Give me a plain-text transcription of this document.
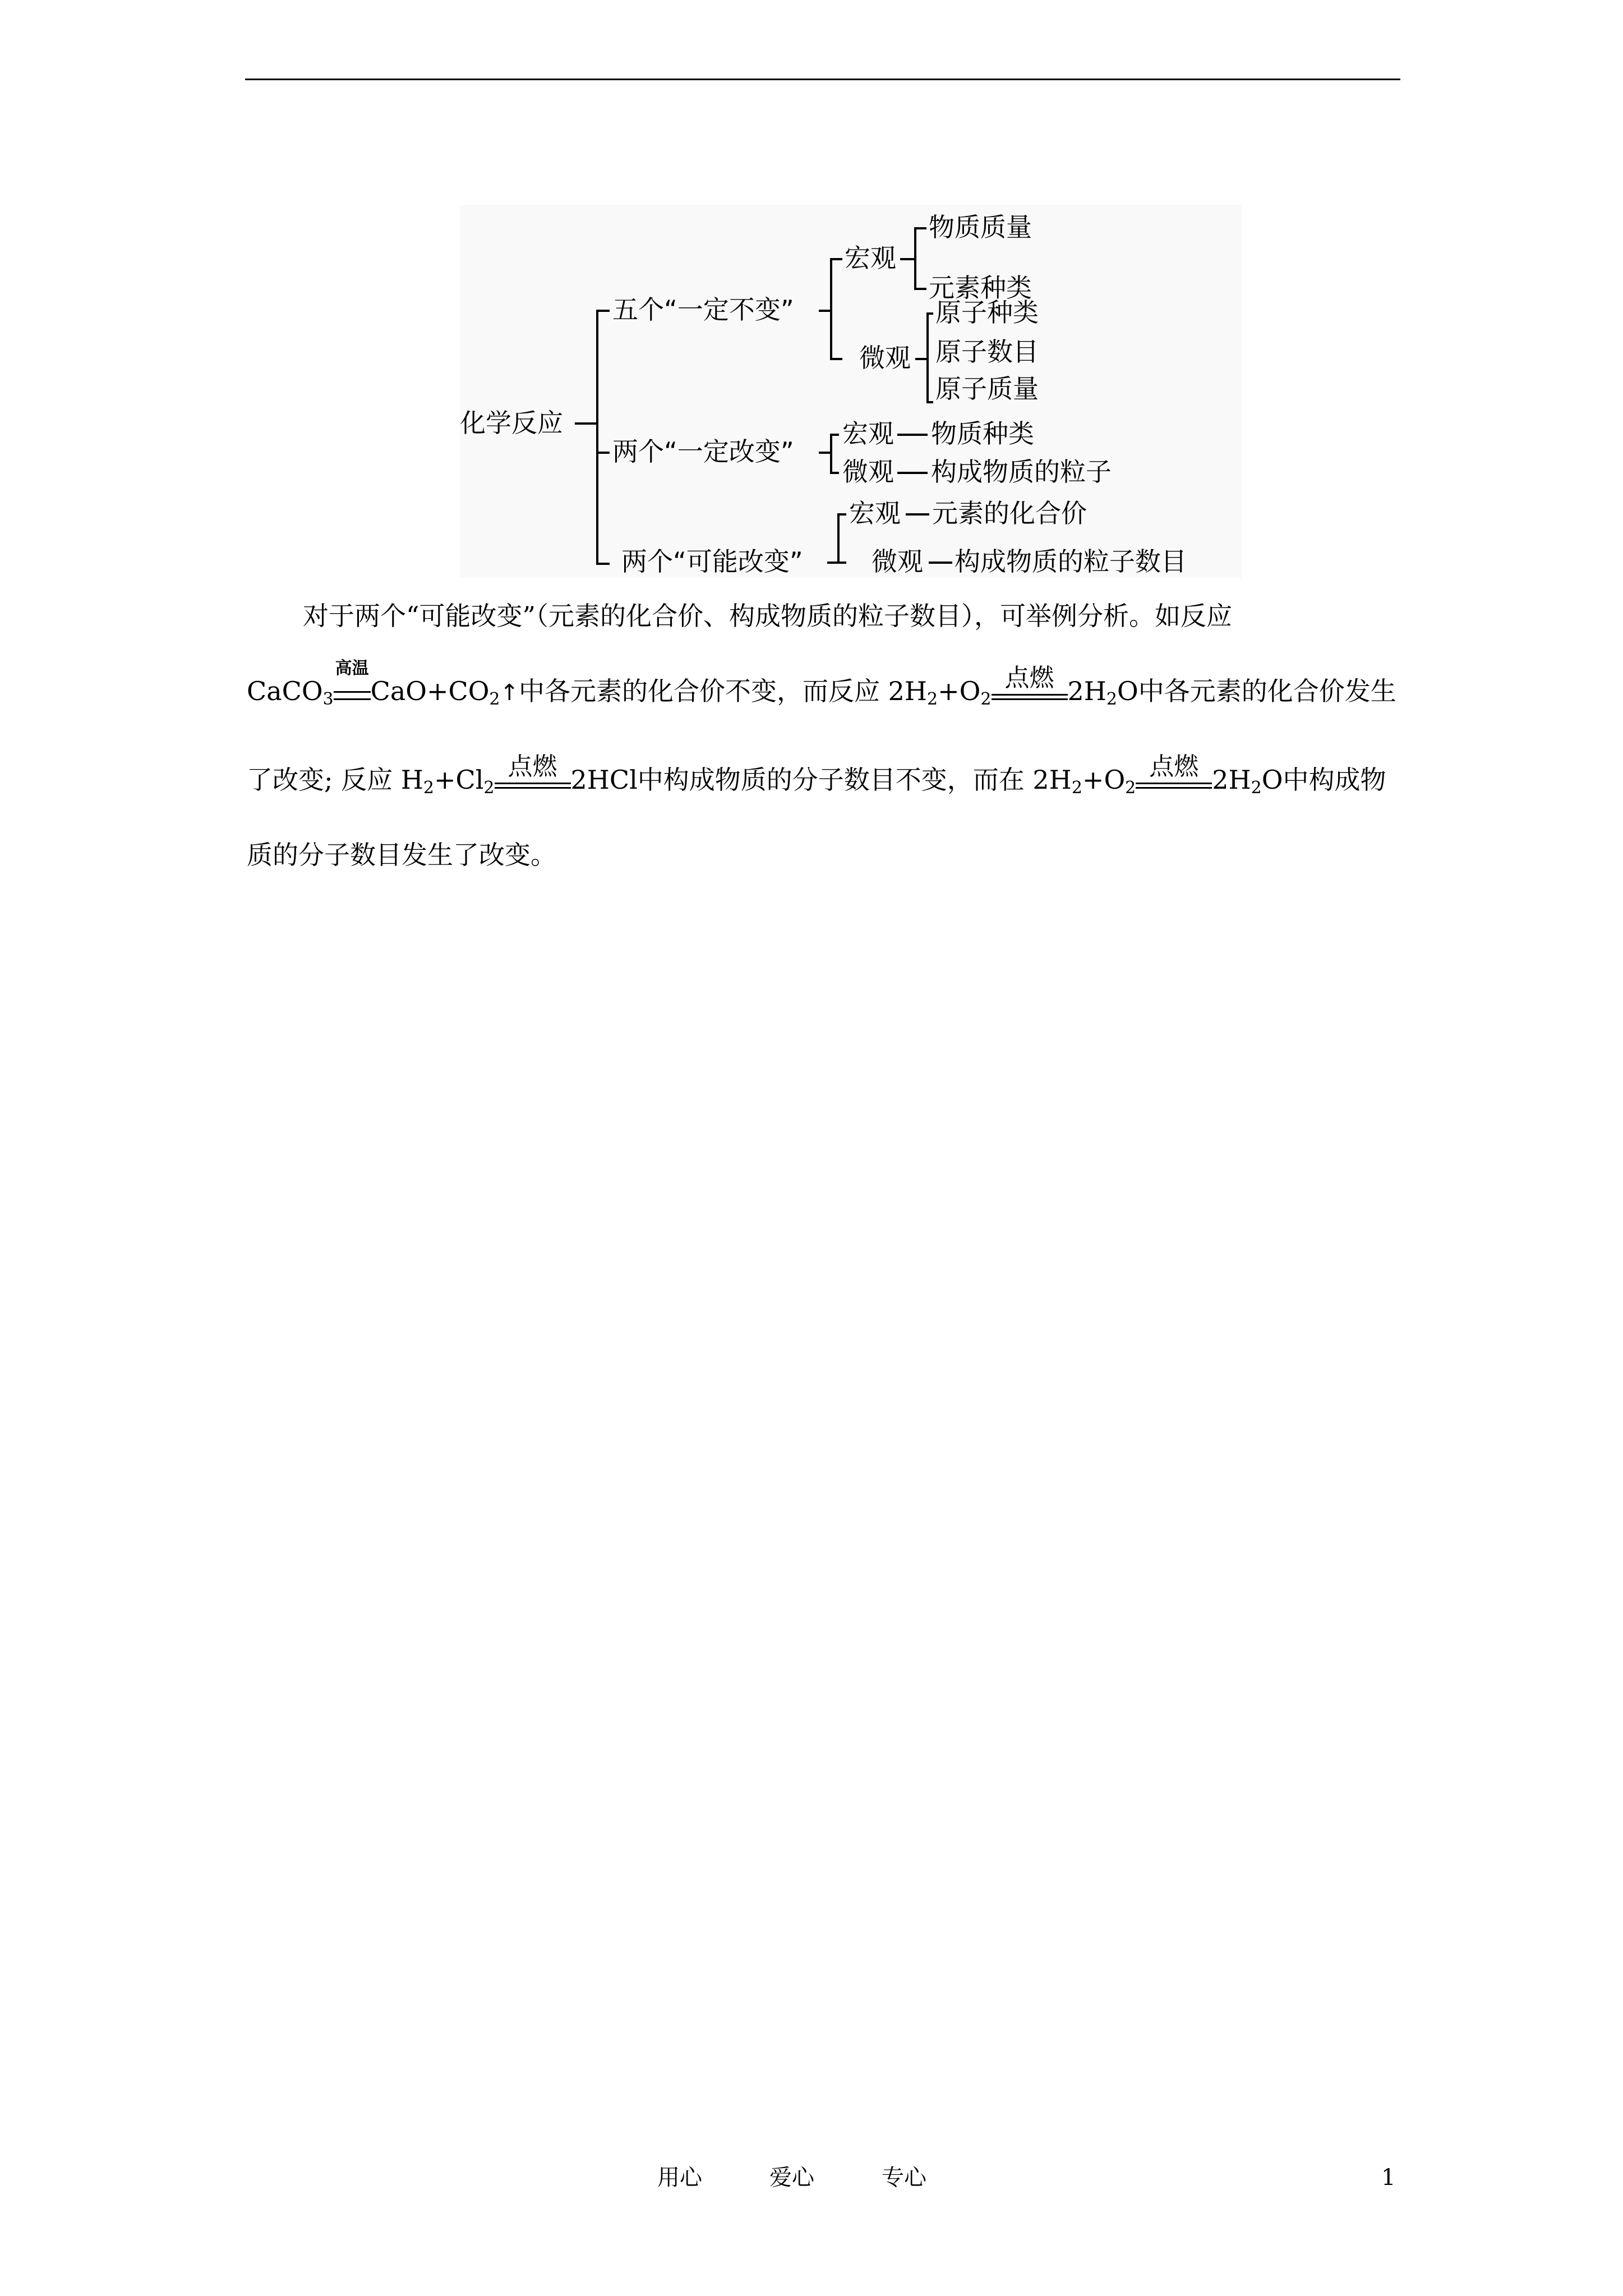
化学反应
五个“一定不变”
宏观
物质质量
元素种类
微观
原子种类
原子数目
原子质量
两个“一定改变”
宏观 物质种类
微观 构成物质的粒子
两个“可能改变”
宏观 元素的化合价
微观 构成物质的粒子数目
对于两个“可能改变”（元素的化合价、构成物质的粒子数目），可举例分析。如反应
CaCO$_3$
高温
$CaO+CO_2↑$中各元素的化合价不变，而反应 $2H_2+O_2$
点燃 $2H_2O$中各元素的化合价发生
了改变; 反应 $H_2+Cl_2$
点燃 2HCl中构成物质的分子数目不变，而在 $2H_2+O_2$
点燃 $2H_2O$中构成物
质的分子数目发生了改变。
用心	爱心	专心	1
